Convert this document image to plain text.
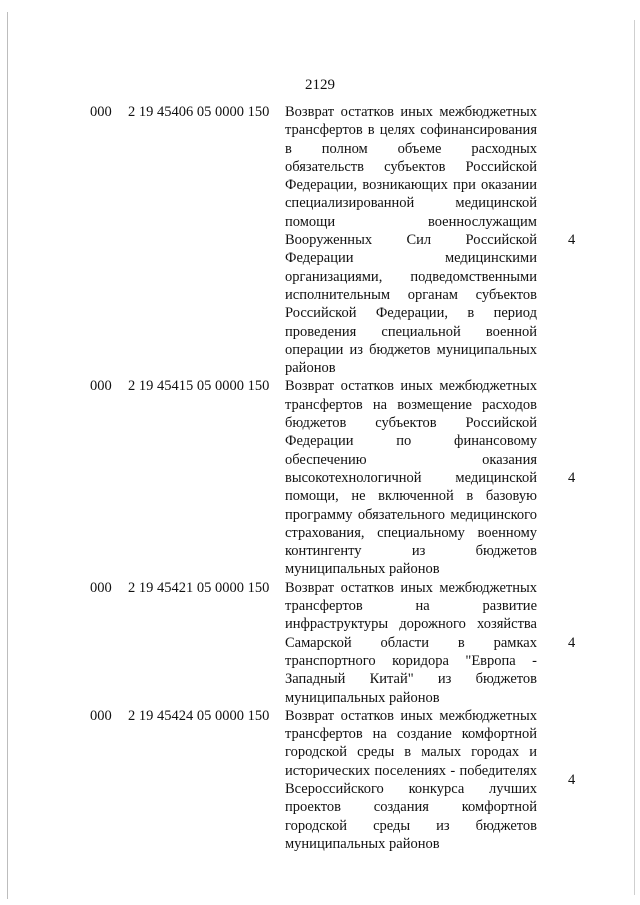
2129
000	2 19 45406 05 0000 150	Возврат остатков иных межбюджетных трансфертов в целях софинансирования в полном объеме расходных обязательств субъектов Российской Федерации, возникающих при оказании специализированной медицинской помощи военнослужащим Вооруженных Сил Российской Федерации медицинскими организациями, подведомственными исполнительным органам субъектов Российской Федерации, в период проведения специальной военной операции из бюджетов муниципальных районов
4
000	2 19 45415 05 0000 150	Возврат остатков иных межбюджетных трансфертов на возмещение расходов бюджетов субъектов Российской Федерации по финансовому обеспечению оказания высокотехнологичной медицинской помощи, не включенной в базовую программу обязательного медицинского страхования, специальному военному контингенту из бюджетов муниципальных районов
4
000	2 19 45421 05 0000 150	Возврат остатков иных межбюджетных трансфертов на развитие инфраструктуры дорожного хозяйства Самарской области в рамках транспортного коридора "Европа - Западный Китай" из бюджетов муниципальных районов
4
000	2 19 45424 05 0000 150	Возврат остатков иных межбюджетных трансфертов на создание комфортной городской среды в малых городах и исторических поселениях - победителях Всероссийского конкурса лучших проектов создания комфортной городской среды из бюджетов муниципальных районов
4
